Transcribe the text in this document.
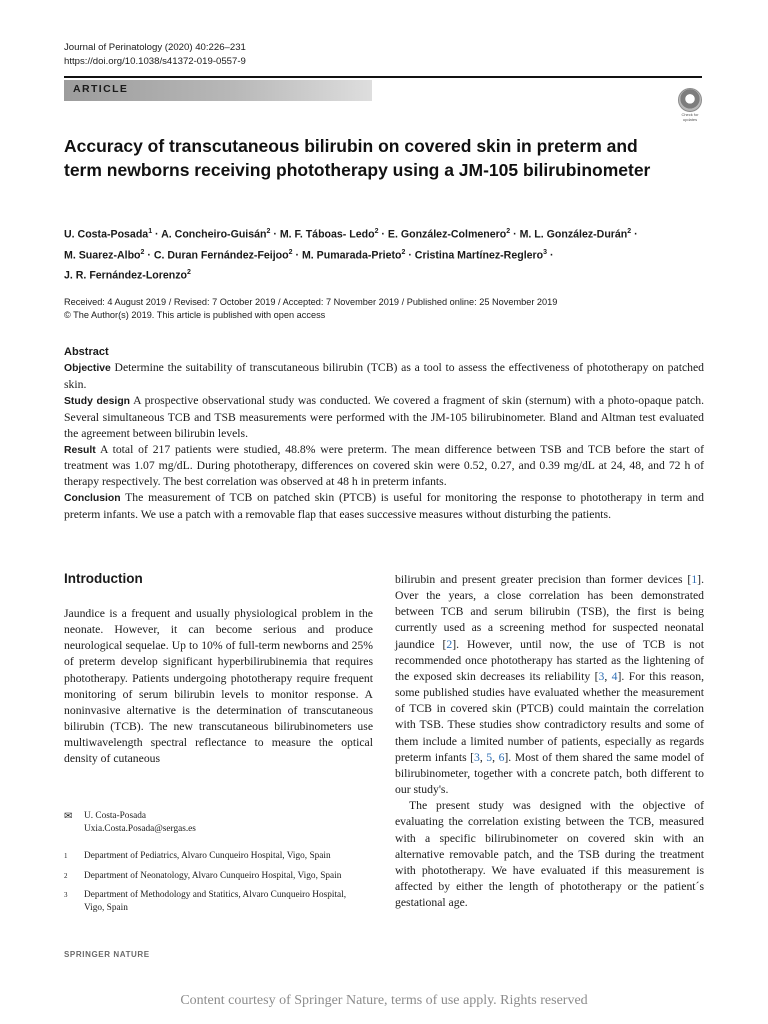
Journal of Perinatology (2020) 40:226–231
https://doi.org/10.1038/s41372-019-0557-9
ARTICLE
Check for updates
Accuracy of transcutaneous bilirubin on covered skin in preterm and term newborns receiving phototherapy using a JM-105 bilirubinometer

U. Costa-Posada$^1$ · A. Concheiro-Guisán$^2$ · M. F. Táboas- Ledo$^2$ · E. González-Colmenero$^2$ · M. L. González-Durán$^2$ ·

M. Suarez-Albo$^2$ · C. Duran Fernández-Feijoo$^2$ · M. Pumarada-Prieto$^2$ · Cristina Martínez-Reglero$^3$ ·

J. R. Fernández-Lorenzo$^2$

Received: 4 August 2019 / Revised: 7 October 2019 / Accepted: 7 November 2019 / Published online: 25 November 2019

© The Author(s) 2019. This article is published with open access

Abstract

Objective Determine the suitability of transcutaneous bilirubin (TCB) as a tool to assess the effectiveness of phototherapy on patched skin.

Study design A prospective observational study was conducted. We covered a fragment of skin (sternum) with a photo-opaque patch. Several simultaneous TCB and TSB measurements were performed with the JM-105 bilirubinometer. Bland and Altman test evaluated the agreement between bilirubin levels.

Result A total of 217 patients were studied, 48.8% were preterm. The mean difference between TSB and TCB before the start of treatment was 1.07 mg/dL. During phototherapy, differences on covered skin were 0.52, 0.27, and 0.39 mg/dL at 24, 48, and 72 h of therapy respectively. The best correlation was observed at 48 h in preterm infants.

Conclusion The measurement of TCB on patched skin (PTCB) is useful for monitoring the response to phototherapy in term and preterm infants. We use a patch with a removable flap that eases successive measures without disturbing the patients.

Introduction

Jaundice is a frequent and usually physiological problem in the neonate. However, it can become serious and produce neurological sequelae. Up to 10% of full-term newborns and 25% of preterm develop significant hyperbilirubinemia that requires phototherapy. Patients undergoing phototherapy require frequent monitoring of serum bilirubin levels to monitor response. A noninvasive alternative is the determination of transcutaneous bilirubin (TCB). The new transcutaneous bilirubinometers use multiwavelength spectral reflectance to measure the optical density of cutaneous

bilirubin and present greater precision than former devices [1]. Over the years, a close correlation has been demonstrated between TCB and serum bilirubin (TSB), the first is being currently used as a screening method for suspected neonatal jaundice [2]. However, until now, the use of TCB is not recommended once phototherapy has started as the lightening of the exposed skin decreases its reliability [3, 4]. For this reason, some published studies have evaluated whether the measurement of TCB in covered skin (PTCB) could maintain the correlation with TSB. These studies show contradictory results and some of them include a limited number of patients, especially as regards preterm infants [3, 5, 6]. Most of them shared the same model of bilirubinometer, together with a concrete patch, both different to our study's.

The present study was designed with the objective of evaluating the correlation existing between the TCB, measured with a specific bilirubinometer on covered skin with an alternative removable patch, and the TSB during the treatment with phototherapy. We have evaluated if this measurement is affected by either the length of phototherapy or the patient´s gestational age.

✉ U. Costa-Posada
Uxia.Costa.Posada@sergas.es
1 Department of Pediatrics, Alvaro Cunqueiro Hospital, Vigo, Spain
2 Department of Neonatology, Alvaro Cunqueiro Hospital, Vigo, Spain
3 Department of Methodology and Statitics, Alvaro Cunqueiro Hospital, Vigo, Spain
SPRINGER NATURE
Content courtesy of Springer Nature, terms of use apply. Rights reserved
